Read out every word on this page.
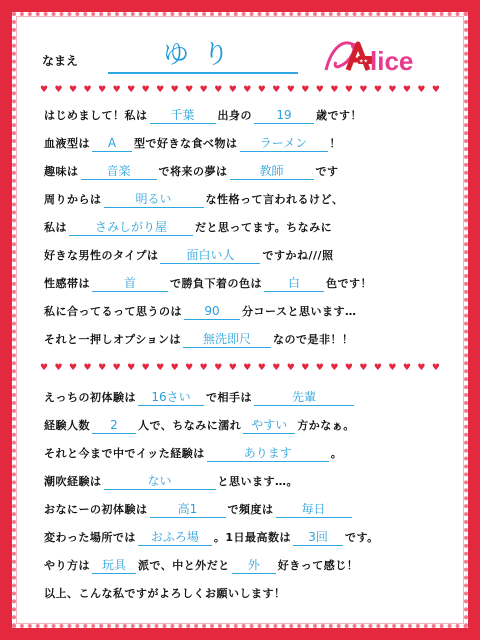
なまえ	ゆり	★★ lice
♥ ♥ ♥ ♥ ♥ ♥ ♥ ♥ ♥ ♥ ♥ ♥ ♥ ♥ ♥ ♥ ♥ ♥ ♥ ♥ ♥ ♥ ♥ ♥ ♥ ♥ ♥ ♥
はじめまして！私は	千葉	出身の	19	歳です！
血液型は	A	型で好きな食べ物は	ラーメン	！
趣味は	音楽	で将来の夢は	教師	です
周りからは	明るい	な性格って言われるけど、
私は	さみしがり屋	だと思ってます。ちなみに
好きな男性のタイプは	面白い人	ですかね///照
性感帯は	首	で勝負下着の色は	白	色です！
私に合ってるって思うのは	90	分コースと思います…
それと一押しオプションは	無洗即尺	なので是非！！
♥ ♥ ♥ ♥ ♥ ♥ ♥ ♥ ♥ ♥ ♥ ♥ ♥ ♥ ♥ ♥ ♥ ♥ ♥ ♥ ♥ ♥ ♥ ♥ ♥ ♥ ♥ ♥
えっちの初体験は	16さい	で相手は	先輩
経験人数	2	人で、ちなみに濡れ やすい 方かなぁ。
それと今まで中でイッた経験は	あります	。
潮吹経験は	ない	と思います…。
おなにーの初体験は	高1	で頻度は	毎日
変わった場所では	おふろ場	。1日最高数は	3回	です。
やり方は 玩具	派で、中と外だと	外	好きって感じ！
以上、こんな私ですがよろしくお願いします！
